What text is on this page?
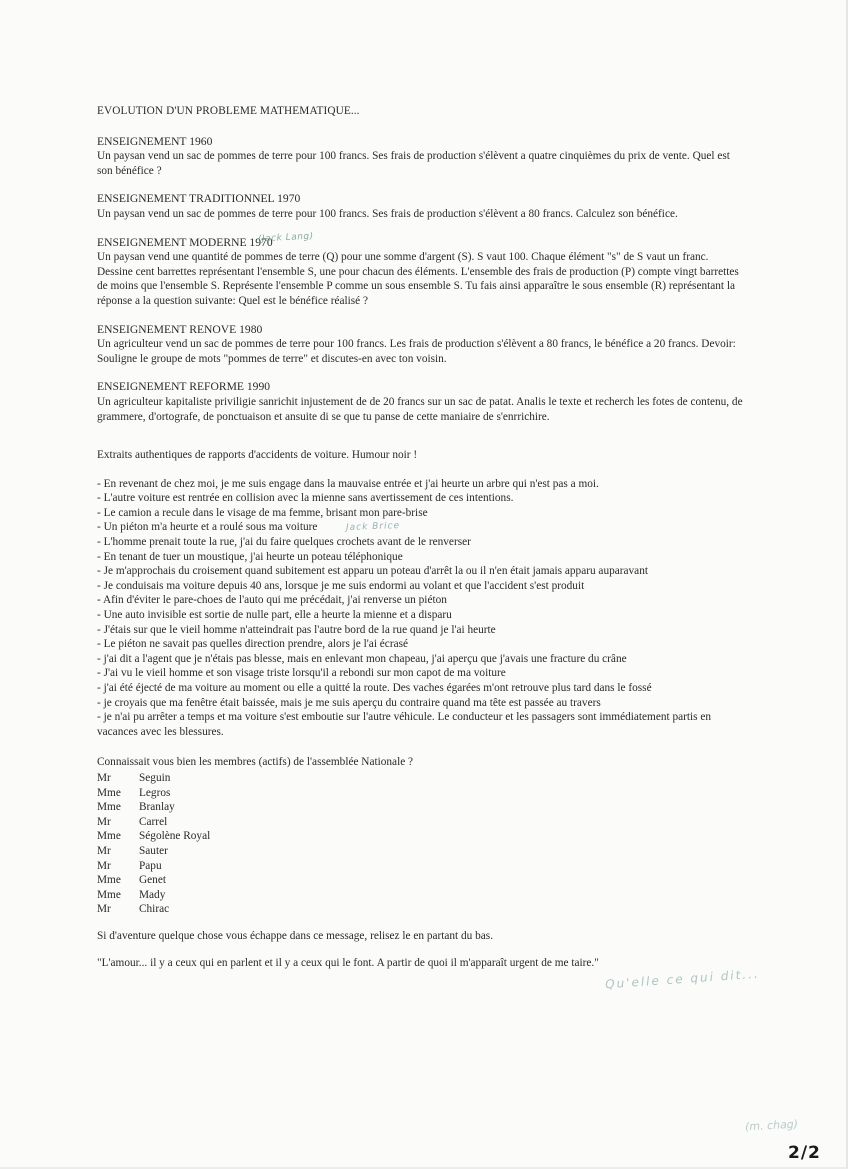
EVOLUTION D'UN PROBLEME MATHEMATIQUE...
ENSEIGNEMENT 1960
Un paysan vend un sac de pommes de terre pour 100 francs. Ses frais de production s'élèvent a quatre cinquièmes du prix de vente. Quel est son bénéfice ?
ENSEIGNEMENT TRADITIONNEL 1970
Un paysan vend un sac de pommes de terre pour 100 francs. Ses frais de production s'élèvent a 80 francs. Calculez son bénéfice.
ENSEIGNEMENT MODERNE 1970
Un paysan vend une quantité de pommes de terre (Q) pour une somme d'argent (S). S vaut 100. Chaque élément "s" de S vaut un franc. Dessine cent barrettes représentant l'ensemble S, une pour chacun des éléments. L'ensemble des frais de production (P) compte vingt barrettes de moins que l'ensemble S. Représente l'ensemble P comme un sous ensemble S. Tu fais ainsi apparaître le sous ensemble (R) représentant la réponse a la question suivante: Quel est le bénéfice réalisé ?
ENSEIGNEMENT RENOVE 1980
Un agriculteur vend un sac de pommes de terre pour 100 francs. Les frais de production s'élèvent a 80 francs, le bénéfice a 20 francs. Devoir: Souligne le groupe de mots "pommes de terre" et discutes-en avec ton voisin.
ENSEIGNEMENT REFORME 1990
Un agriculteur kapitaliste priviligie sanrichit injustement de de 20 francs sur un sac de patat. Analis le texte et recherch les fotes de contenu, de grammere, d'ortografe, de ponctuaison et ansuite di se que tu panse de cette maniaire de s'enrrichire.
Extraits authentiques de rapports d'accidents de voiture. Humour noir !
- En revenant de chez moi, je me suis engage dans la mauvaise entrée et j'ai heurte un arbre qui n'est pas a moi.
- L'autre voiture est rentrée en collision avec la mienne sans avertissement de ces intentions.
- Le camion a recule dans le visage de ma femme, brisant mon pare-brise
- Un piéton m'a heurte et a roulé sous ma voiture
- L'homme prenait toute la rue, j'ai du faire quelques crochets avant de le renverser
- En tenant de tuer un moustique, j'ai heurte un poteau téléphonique
- Je m'approchais du croisement quand subitement est apparu un poteau d'arrêt la ou il n'en était jamais apparu auparavant
- Je conduisais ma voiture depuis 40 ans, lorsque je me suis endormi au volant et que l'accident s'est produit
- Afin d'éviter le pare-choes de l'auto qui me précédait, j'ai renverse un piéton
- Une auto invisible est sortie de nulle part, elle a heurte la mienne et a disparu
- J'étais sur que le vieil homme n'atteindrait pas l'autre bord de la rue quand je l'ai heurte
- Le piéton ne savait pas quelles direction prendre, alors je l'ai écrasé
- j'ai dit a l'agent que je n'étais pas blesse, mais en enlevant mon chapeau, j'ai aperçu que j'avais une fracture du crâne
- J'ai vu le vieil homme et son visage triste lorsqu'il a rebondi sur mon capot de ma voiture
- j'ai été éjecté de ma voiture au moment ou elle a quitté la route. Des vaches égarées m'ont retrouve plus tard dans le fossé
- je croyais que ma fenêtre était baissée, mais je me suis aperçu du contraire quand ma tête est passée au travers
- je n'ai pu arrêter a temps et ma voiture s'est emboutie sur l'autre véhicule. Le conducteur et les passagers sont immédiatement partis en vacances avec les blessures.
Connaissait vous bien les membres (actifs) de l'assemblée Nationale ?
Mr	Seguin
Mme	Legros
Mme	Branlay
Mr	Carrel
Mme	Ségolène Royal
Mr	Sauter
Mr	Papu
Mme	Genet
Mme	Mady
Mr	Chirac
Si d'aventure quelque chose vous échappe dans ce message, relisez le en partant du bas.
"L'amour... il y a ceux qui en parlent et il y a ceux qui le font. A partir de quoi il m'apparaît urgent de me taire."
(Jack Lang)
Jack Brice
Qu'elle ce qui dit...
(m. chag)
2/2
